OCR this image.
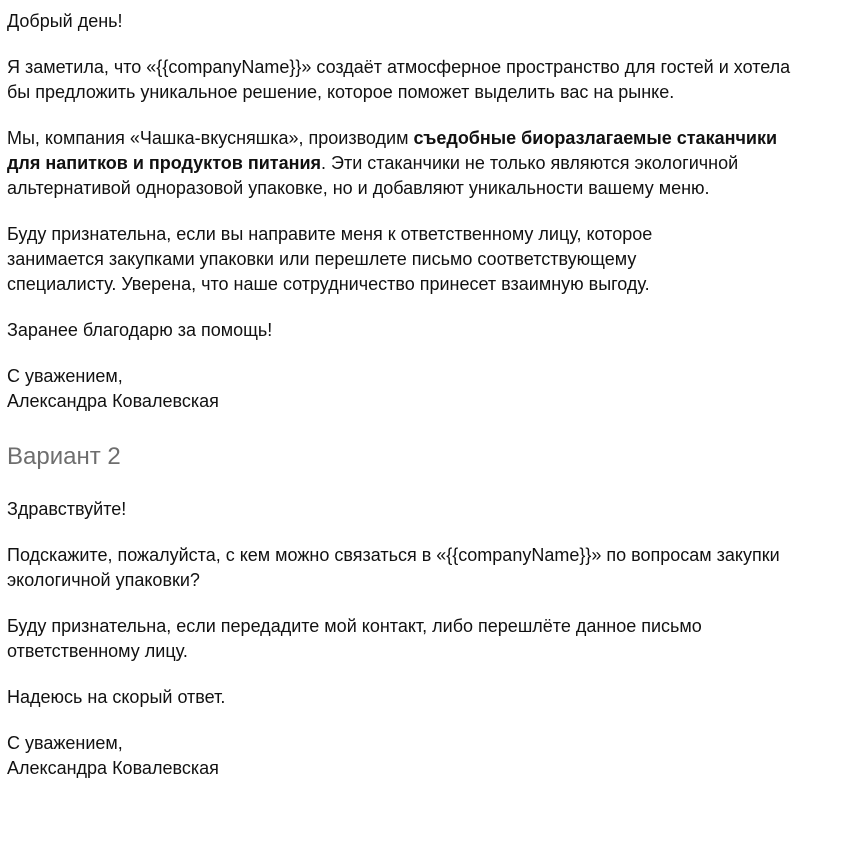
Добрый день!

Я заметила, что «{{companyName}}» создаёт атмосферное пространство для гостей и хотела бы предложить уникальное решение, которое поможет выделить вас на рынке.

Мы, компания «Чашка-вкусняшка», производим съедобные биоразлагаемые стаканчики для напитков и продуктов питания. Эти стаканчики не только являются экологичной альтернативой одноразовой упаковке, но и добавляют уникальности вашему меню.

Буду признательна, если вы направите меня к ответственному лицу, которое занимается закупками упаковки или перешлете письмо соответствующему специалисту. Уверена, что наше сотрудничество принесет взаимную выгоду.

Заранее благодарю за помощь!

С уважением,

Александра Ковалевская

Вариант 2

Здравствуйте!

Подскажите, пожалуйста, с кем можно связаться в «{{companyName}}» по вопросам закупки экологичной упаковки?

Буду признательна, если передадите мой контакт, либо перешлёте данное письмо ответственному лицу.

Надеюсь на скорый ответ.

С уважением,

Александра Ковалевская
